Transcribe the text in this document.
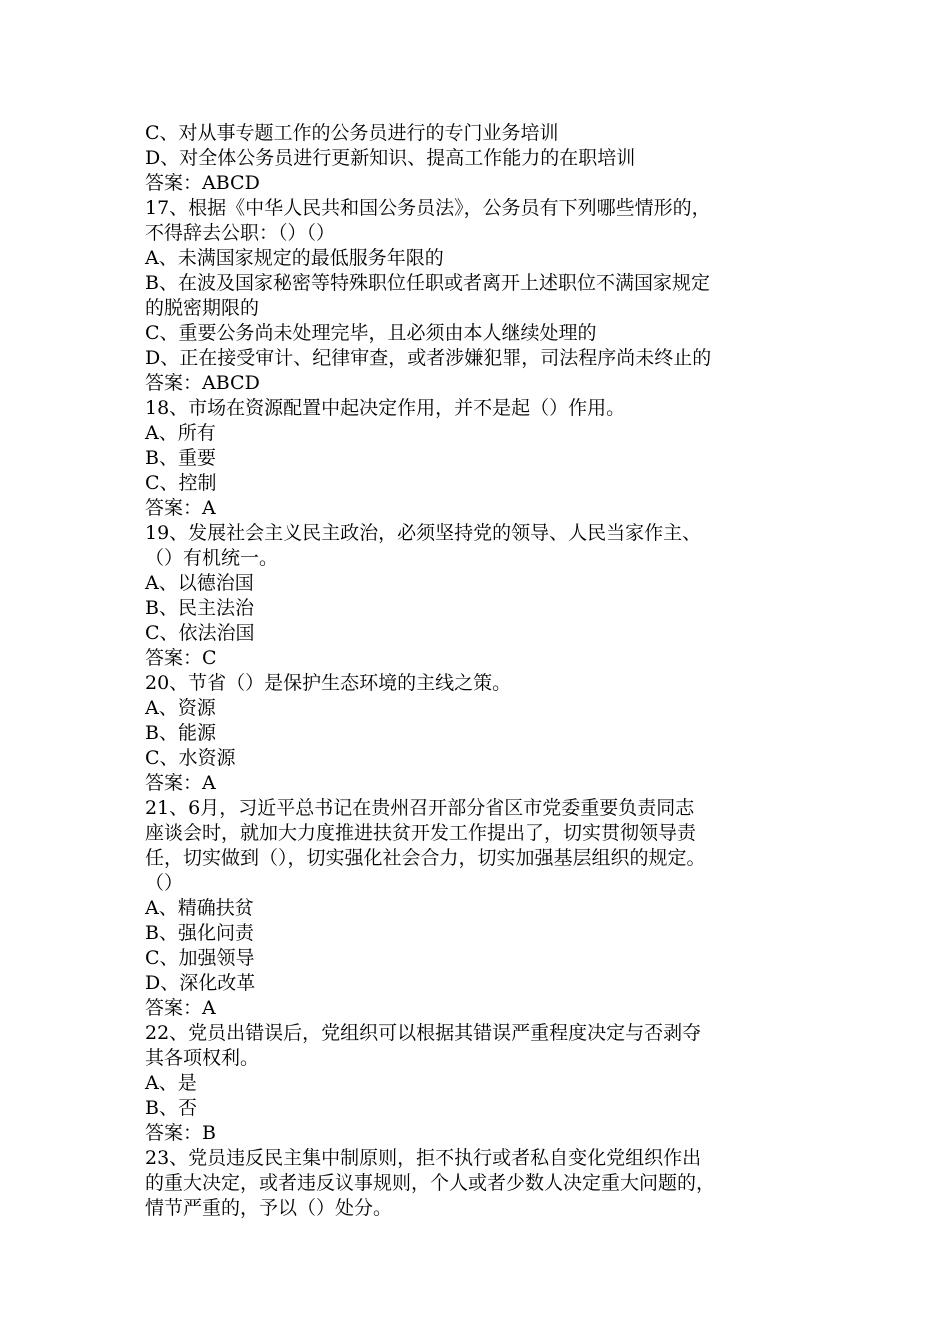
C、对从事专题工作的公务员进行的专门业务培训
D、对全体公务员进行更新知识、提高工作能力的在职培训
答案：ABCD
17、根据《中华人民共和国公务员法》，公务员有下列哪些情形的，
不得辞去公职：（）（）
A、未满国家规定的最低服务年限的
B、在波及国家秘密等特殊职位任职或者离开上述职位不满国家规定
的脱密期限的
C、重要公务尚未处理完毕，且必须由本人继续处理的
D、正在接受审计、纪律审查，或者涉嫌犯罪，司法程序尚未终止的
答案：ABCD
18、市场在资源配置中起决定作用，并不是起（）作用。
A、所有
B、重要
C、控制
答案：A
19、发展社会主义民主政治，必须坚持党的领导、人民当家作主、
（）有机统一。
A、以德治国
B、民主法治
C、依法治国
答案：C
20、节省（）是保护生态环境的主线之策。
A、资源
B、能源
C、水资源
答案：A
21、6月，习近平总书记在贵州召开部分省区市党委重要负责同志
座谈会时，就加大力度推进扶贫开发工作提出了，切实贯彻领导责
任，切实做到（），切实强化社会合力，切实加强基层组织的规定。
（）
A、精确扶贫
B、强化问责
C、加强领导
D、深化改革
答案：A
22、党员出错误后，党组织可以根据其错误严重程度决定与否剥夺
其各项权利。
A、是
B、否
答案：B
23、党员违反民主集中制原则，拒不执行或者私自变化党组织作出
的重大决定，或者违反议事规则，个人或者少数人决定重大问题的，
情节严重的，予以（）处分。
